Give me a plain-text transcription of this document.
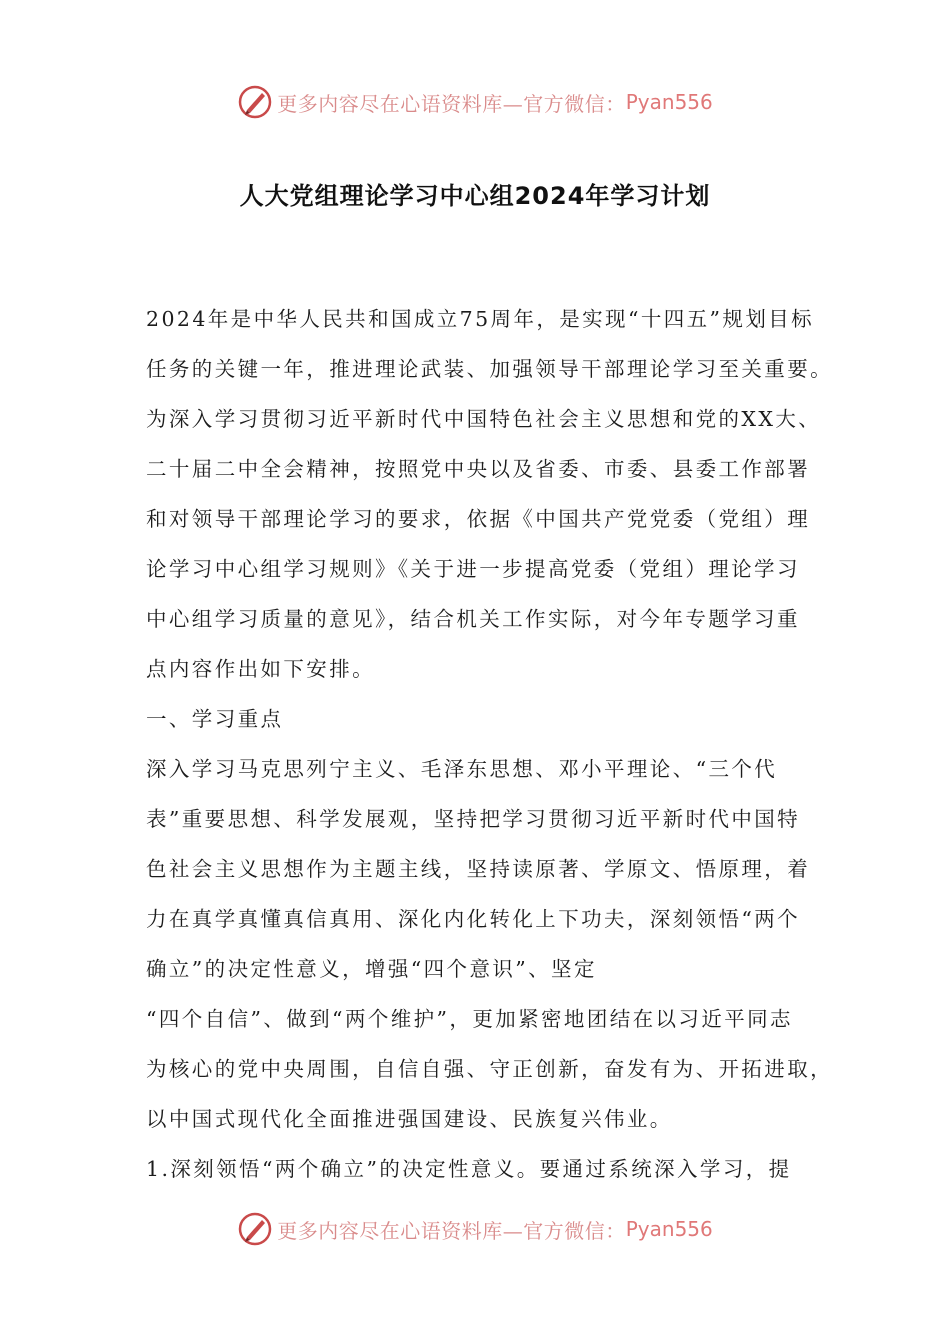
更多内容尽在心语资料库—官方微信： Pyan556
人大党组理论学习中心组2024年学习计划
2024年是中华人民共和国成立75周年，是实现“十四五”规划目标
任务的关键一年，推进理论武装、加强领导干部理论学习至关重要。
为深入学习贯彻习近平新时代中国特色社会主义思想和党的XX大、
二十届二中全会精神，按照党中央以及省委、市委、县委工作部署
和对领导干部理论学习的要求，依据《中国共产党党委（党组）理
论学习中心组学习规则》《关于进一步提高党委（党组）理论学习
中心组学习质量的意见》，结合机关工作实际，对今年专题学习重
点内容作出如下安排。
一、学习重点
深入学习马克思列宁主义、毛泽东思想、邓小平理论、“三个代
表”重要思想、科学发展观，坚持把学习贯彻习近平新时代中国特
色社会主义思想作为主题主线，坚持读原著、学原文、悟原理，着
力在真学真懂真信真用、深化内化转化上下功夫，深刻领悟“两个
确立”的决定性意义，增强“四个意识”、坚定
“四个自信”、做到“两个维护”，更加紧密地团结在以习近平同志
为核心的党中央周围，自信自强、守正创新，奋发有为、开拓进取，
以中国式现代化全面推进强国建设、民族复兴伟业。
1.深刻领悟“两个确立”的决定性意义。要通过系统深入学习，提
更多内容尽在心语资料库—官方微信： Pyan556
